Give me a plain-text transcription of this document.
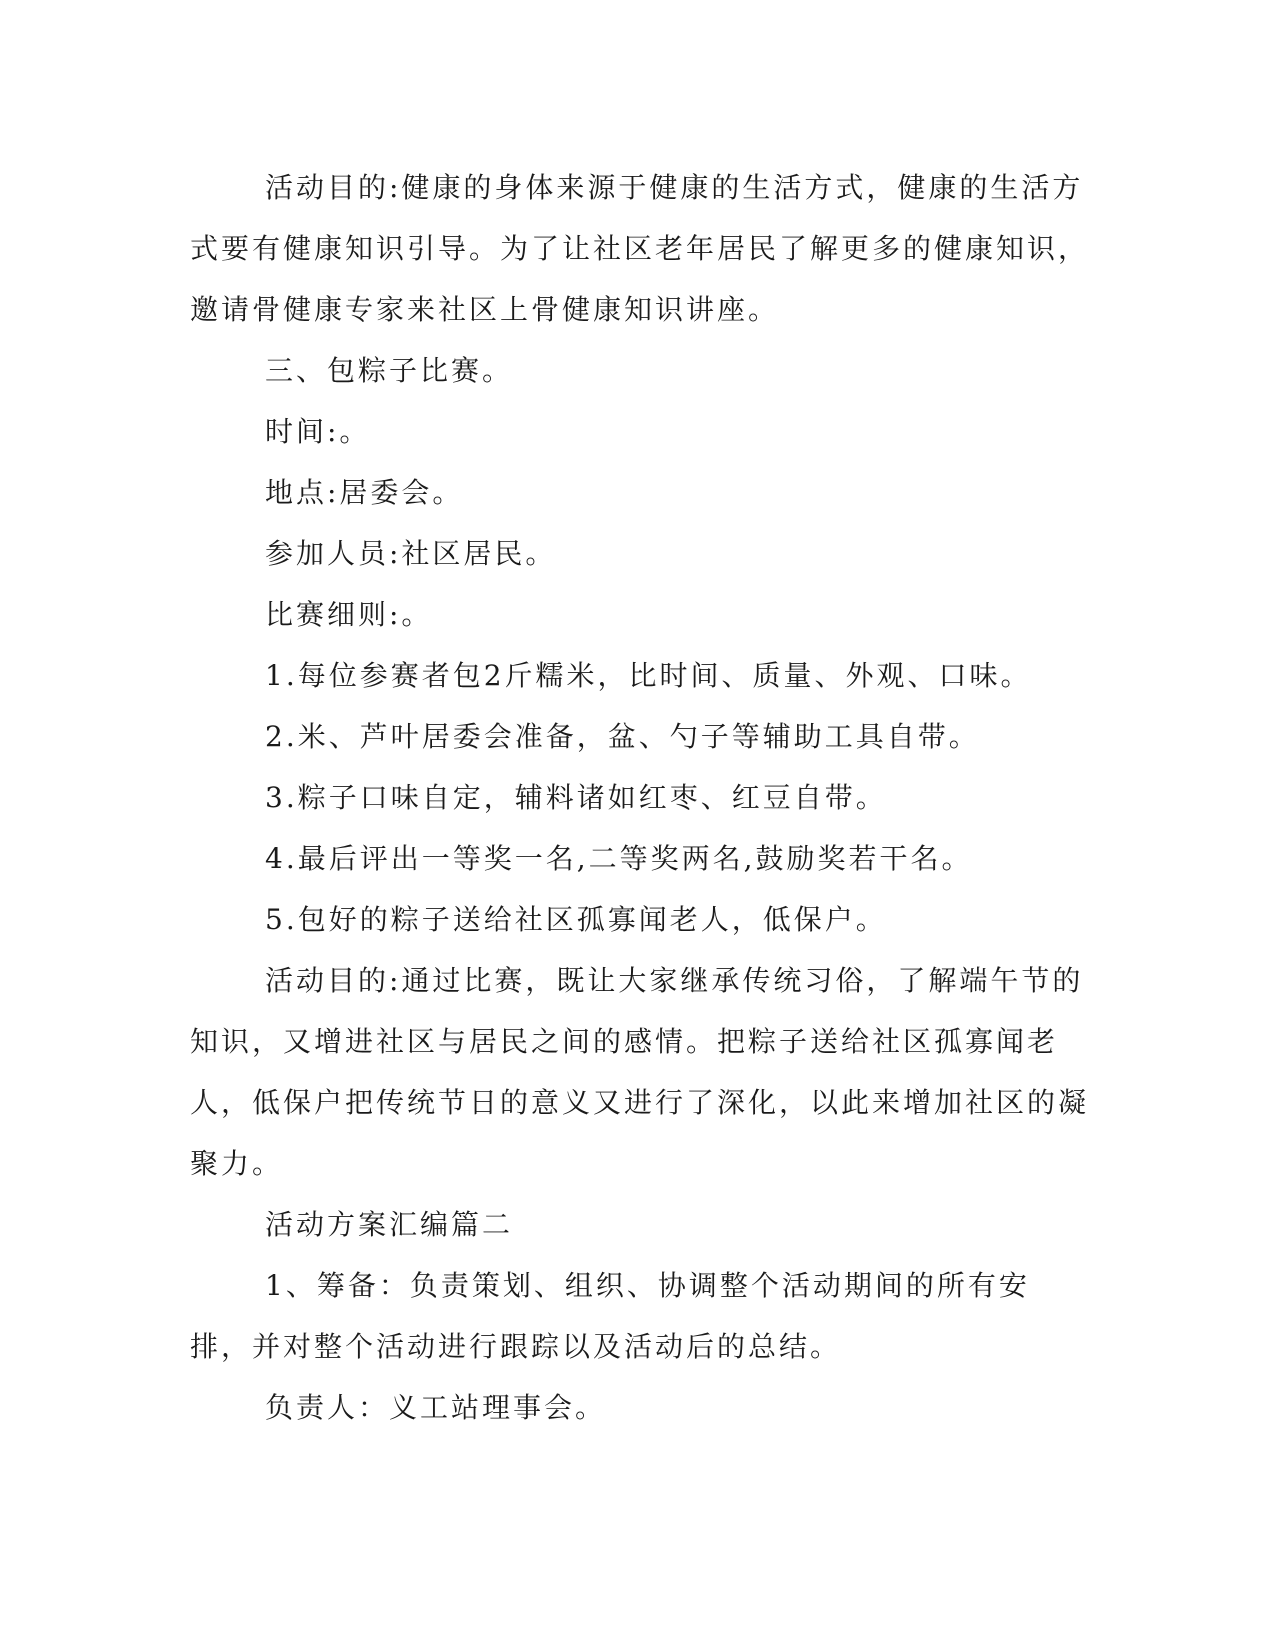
活动目的:健康的身体来源于健康的生活方式，健康的生活方式要有健康知识引导。为了让社区老年居民了解更多的健康知识，邀请骨健康专家来社区上骨健康知识讲座。

三、包粽子比赛。

时间:。

地点:居委会。

参加人员:社区居民。

比赛细则:。

1.每位参赛者包2斤糯米，比时间、质量、外观、口味。

2.米、芦叶居委会准备，盆、勺子等辅助工具自带。

3.粽子口味自定，辅料诸如红枣、红豆自带。

4.最后评出一等奖一名,二等奖两名,鼓励奖若干名。

5.包好的粽子送给社区孤寡闻老人，低保户。

活动目的:通过比赛，既让大家继承传统习俗，了解端午节的知识，又增进社区与居民之间的感情。把粽子送给社区孤寡闻老人，低保户把传统节日的意义又进行了深化，以此来增加社区的凝聚力。

活动方案汇编篇二

1、筹备：负责策划、组织、协调整个活动期间的所有安排，并对整个活动进行跟踪以及活动后的总结。

负责人：义工站理事会。
